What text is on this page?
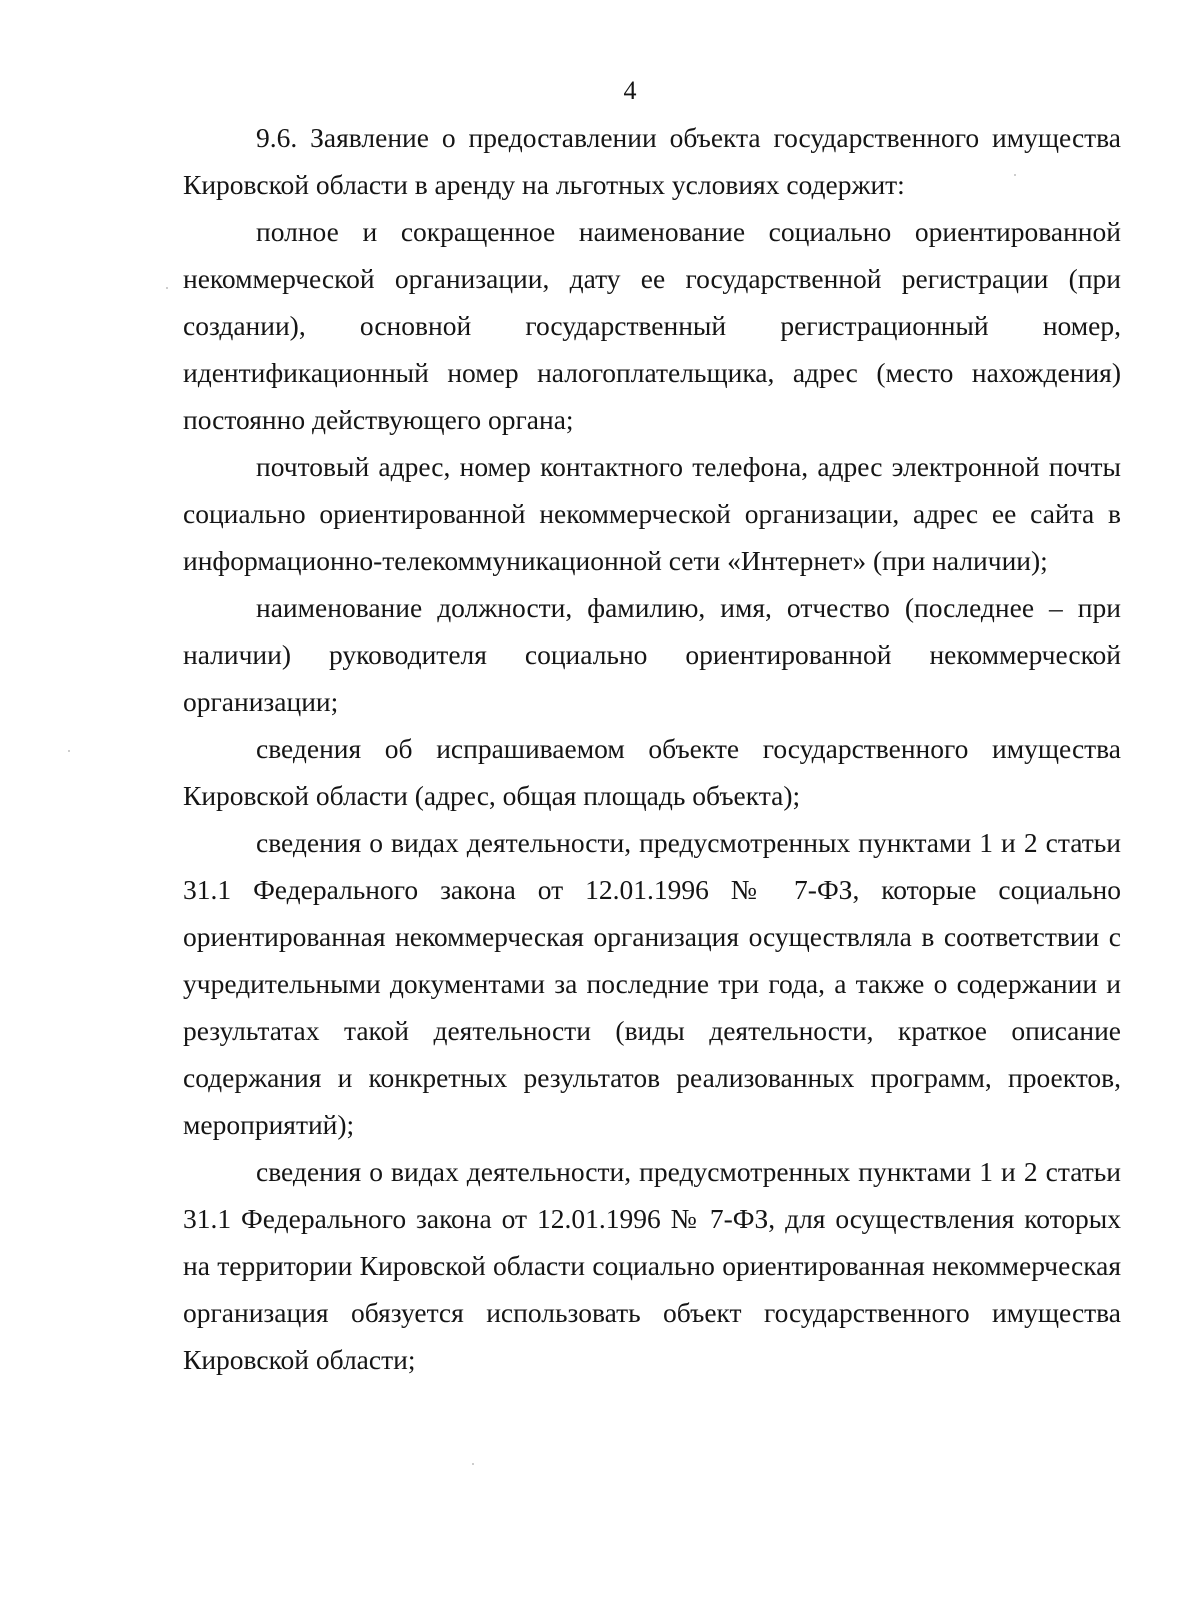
4

9.6. Заявление о предоставлении объекта государственного имущества Кировской области в аренду на льготных условиях содержит:

полное и сокращенное наименование социально ориентированной некоммерческой организации, дату ее государственной регистрации (при создании), основной государственный регистрационный номер, идентификационный номер налогоплательщика, адрес (место нахождения) постоянно действующего органа;

почтовый адрес, номер контактного телефона, адрес электронной почты социально ориентированной некоммерческой организации, адрес ее сайта в информационно-телекоммуникационной сети «Интернет» (при наличии);

наименование должности, фамилию, имя, отчество (последнее – при наличии) руководителя социально ориентированной некоммерческой организации;

сведения об испрашиваемом объекте государственного имущества Кировской области (адрес, общая площадь объекта);

сведения о видах деятельности, предусмотренных пунктами 1 и 2 статьи 31.1 Федерального закона от 12.01.1996 № 7-ФЗ, которые социально ориентированная некоммерческая организация осуществляла в соответствии с учредительными документами за последние три года, а также о содержании и результатах такой деятельности (виды деятельности, краткое описание содержания и конкретных результатов реализованных программ, проектов, мероприятий);

сведения о видах деятельности, предусмотренных пунктами 1 и 2 статьи 31.1 Федерального закона от 12.01.1996 № 7-ФЗ, для осуществления которых на территории Кировской области социально ориентированная некоммерческая организация обязуется использовать объект государственного имущества Кировской области;
